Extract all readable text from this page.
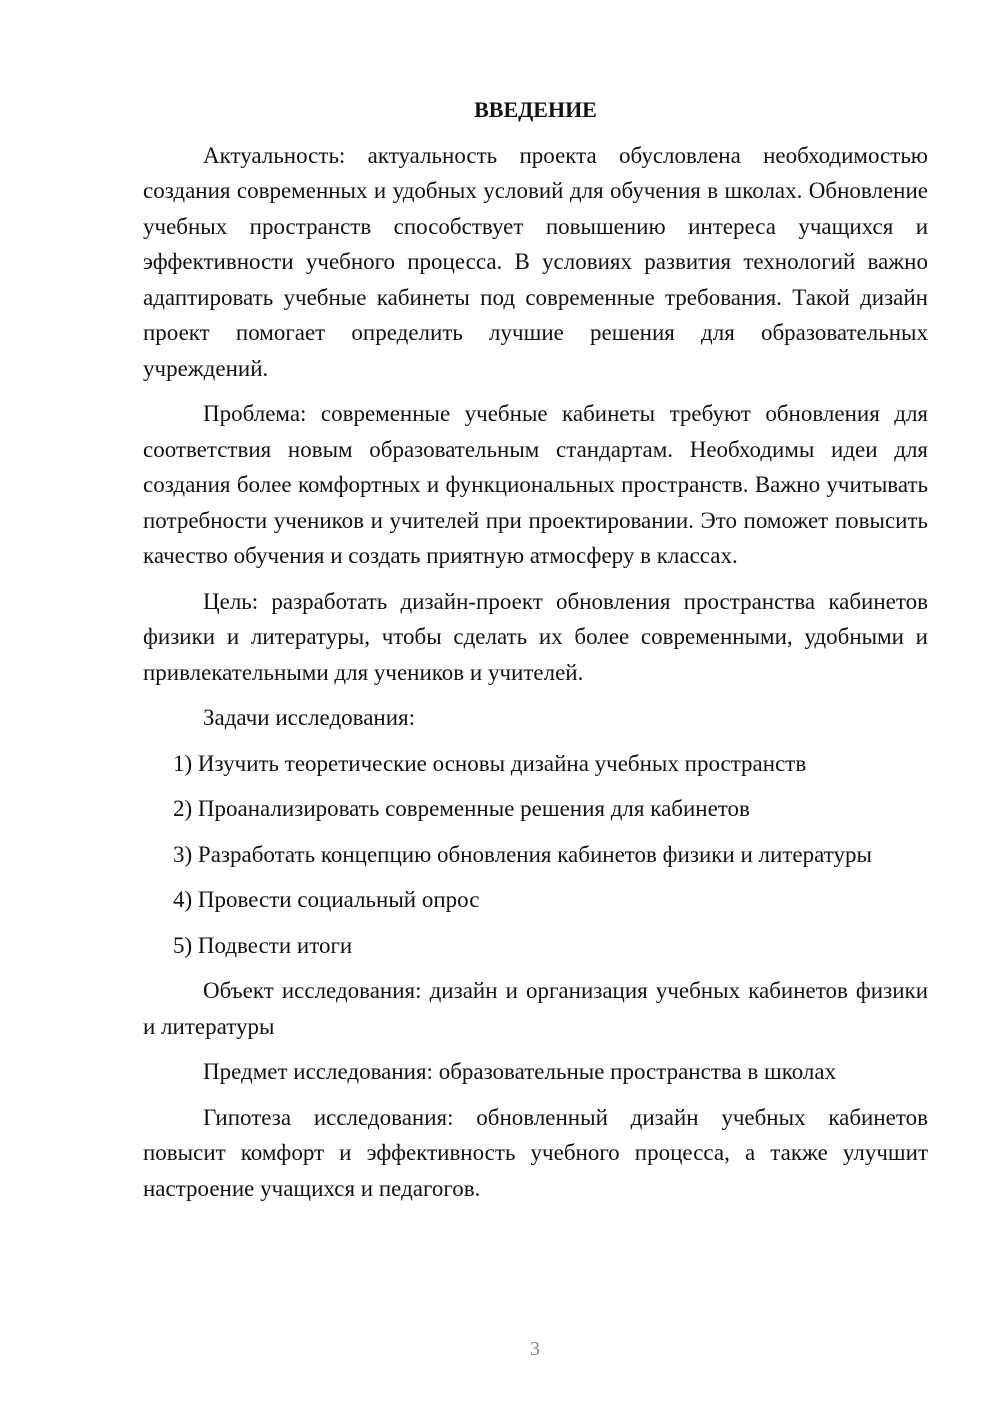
ВВЕДЕНИЕ

Актуальность: актуальность проекта обусловлена необходимостью создания современных и удобных условий для обучения в школах. Обновление учебных пространств способствует повышению интереса учащихся и эффективности учебного процесса. В условиях развития технологий важно адаптировать учебные кабинеты под современные требования. Такой дизайн проект помогает определить лучшие решения для образовательных учреждений.

Проблема: современные учебные кабинеты требуют обновления для соответствия новым образовательным стандартам. Необходимы идеи для создания более комфортных и функциональных пространств. Важно учитывать потребности учеников и учителей при проектировании. Это поможет повысить качество обучения и создать приятную атмосферу в классах.

Цель: разработать дизайн-проект обновления пространства кабинетов физики и литературы, чтобы сделать их более современными, удобными и привлекательными для учеников и учителей.

Задачи исследования:

1) Изучить теоретические основы дизайна учебных пространств

2) Проанализировать современные решения для кабинетов

3) Разработать концепцию обновления кабинетов физики и литературы

4) Провести социальный опрос

5) Подвести итоги

Объект исследования: дизайн и организация учебных кабинетов физики и литературы

Предмет исследования: образовательные пространства в школах

Гипотеза исследования: обновленный дизайн учебных кабинетов повысит комфорт и эффективность учебного процесса, а также улучшит настроение учащихся и педагогов.

3
